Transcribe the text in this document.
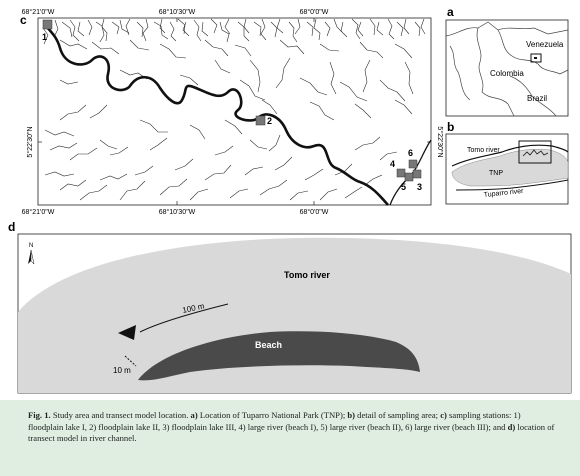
c
68°21'0"W	68°10'30"W	68°0'0"W
68°21'0"W	68°10'30"W	68°0'0"W
5°22'30"N	5°22'30"N
1
2
6
4
5 3
a
Venezuela
Colombia
Brazil
b
Tomo river
TNP
Tuparro river
d
Beach
Tomo river
100 m
10 m
N
Fig. 1. Study area and transect model location. a) Location of Tuparro National Park (TNP); b) detail of sampling area; c) sampling stations: 1) floodplain lake I, 2) floodplain lake II, 3) floodplain lake III, 4) large river (beach I), 5) large river (beach II), 6) large river (beach III); and d) location of transect model in river channel.
